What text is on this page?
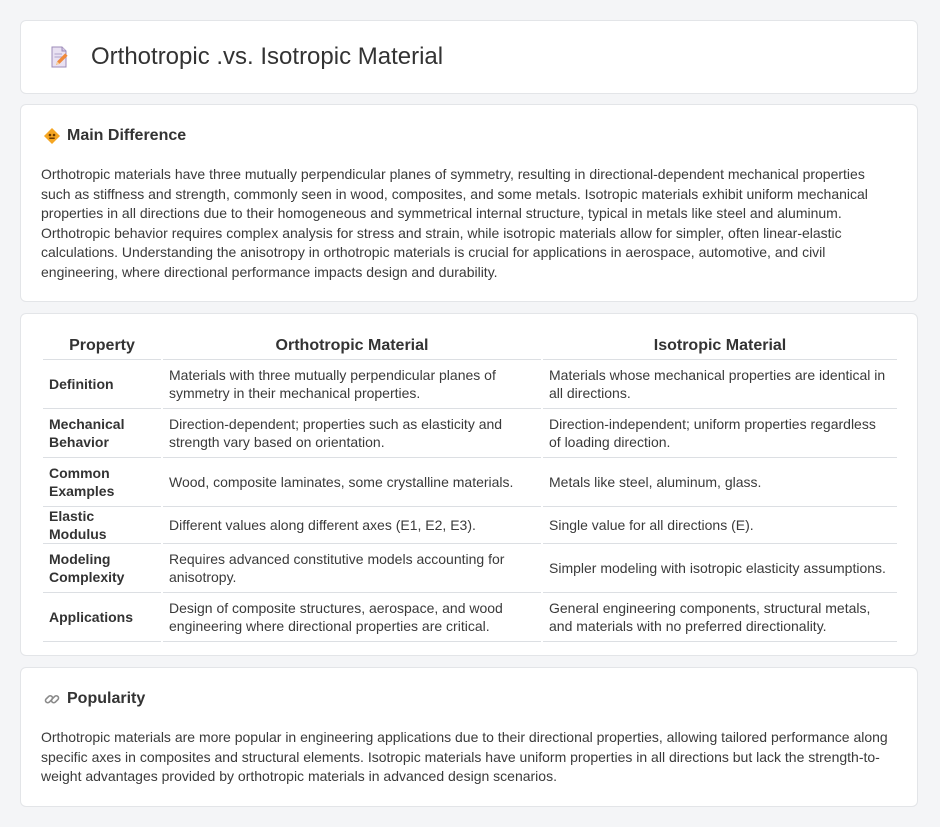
Orthotropic .vs. Isotropic Material
Main Difference
Orthotropic materials have three mutually perpendicular planes of symmetry, resulting in directional-dependent mechanical properties such as stiffness and strength, commonly seen in wood, composites, and some metals. Isotropic materials exhibit uniform mechanical properties in all directions due to their homogeneous and symmetrical internal structure, typical in metals like steel and aluminum. Orthotropic behavior requires complex analysis for stress and strain, while isotropic materials allow for simpler, often linear-elastic calculations. Understanding the anisotropy in orthotropic materials is crucial for applications in aerospace, automotive, and civil engineering, where directional performance impacts design and durability.
Property	Orthotropic Material	Isotropic Material
Definition	Materials with three mutually perpendicular planes of symmetry in their mechanical properties.	Materials whose mechanical properties are identical in all directions.
Mechanical Behavior	Direction-dependent; properties such as elasticity and strength vary based on orientation.	Direction-independent; uniform properties regardless of loading direction.
Common Examples	Wood, composite laminates, some crystalline materials.	Metals like steel, aluminum, glass.
Elastic Modulus	Different values along different axes (E1, E2, E3).	Single value for all directions (E).
Modeling Complexity	Requires advanced constitutive models accounting for anisotropy.	Simpler modeling with isotropic elasticity assumptions.
Applications	Design of composite structures, aerospace, and wood engineering where directional properties are critical.	General engineering components, structural metals, and materials with no preferred directionality.
Popularity
Orthotropic materials are more popular in engineering applications due to their directional properties, allowing tailored performance along specific axes in composites and structural elements. Isotropic materials have uniform properties in all directions but lack the strength-to-weight advantages provided by orthotropic materials in advanced design scenarios.
